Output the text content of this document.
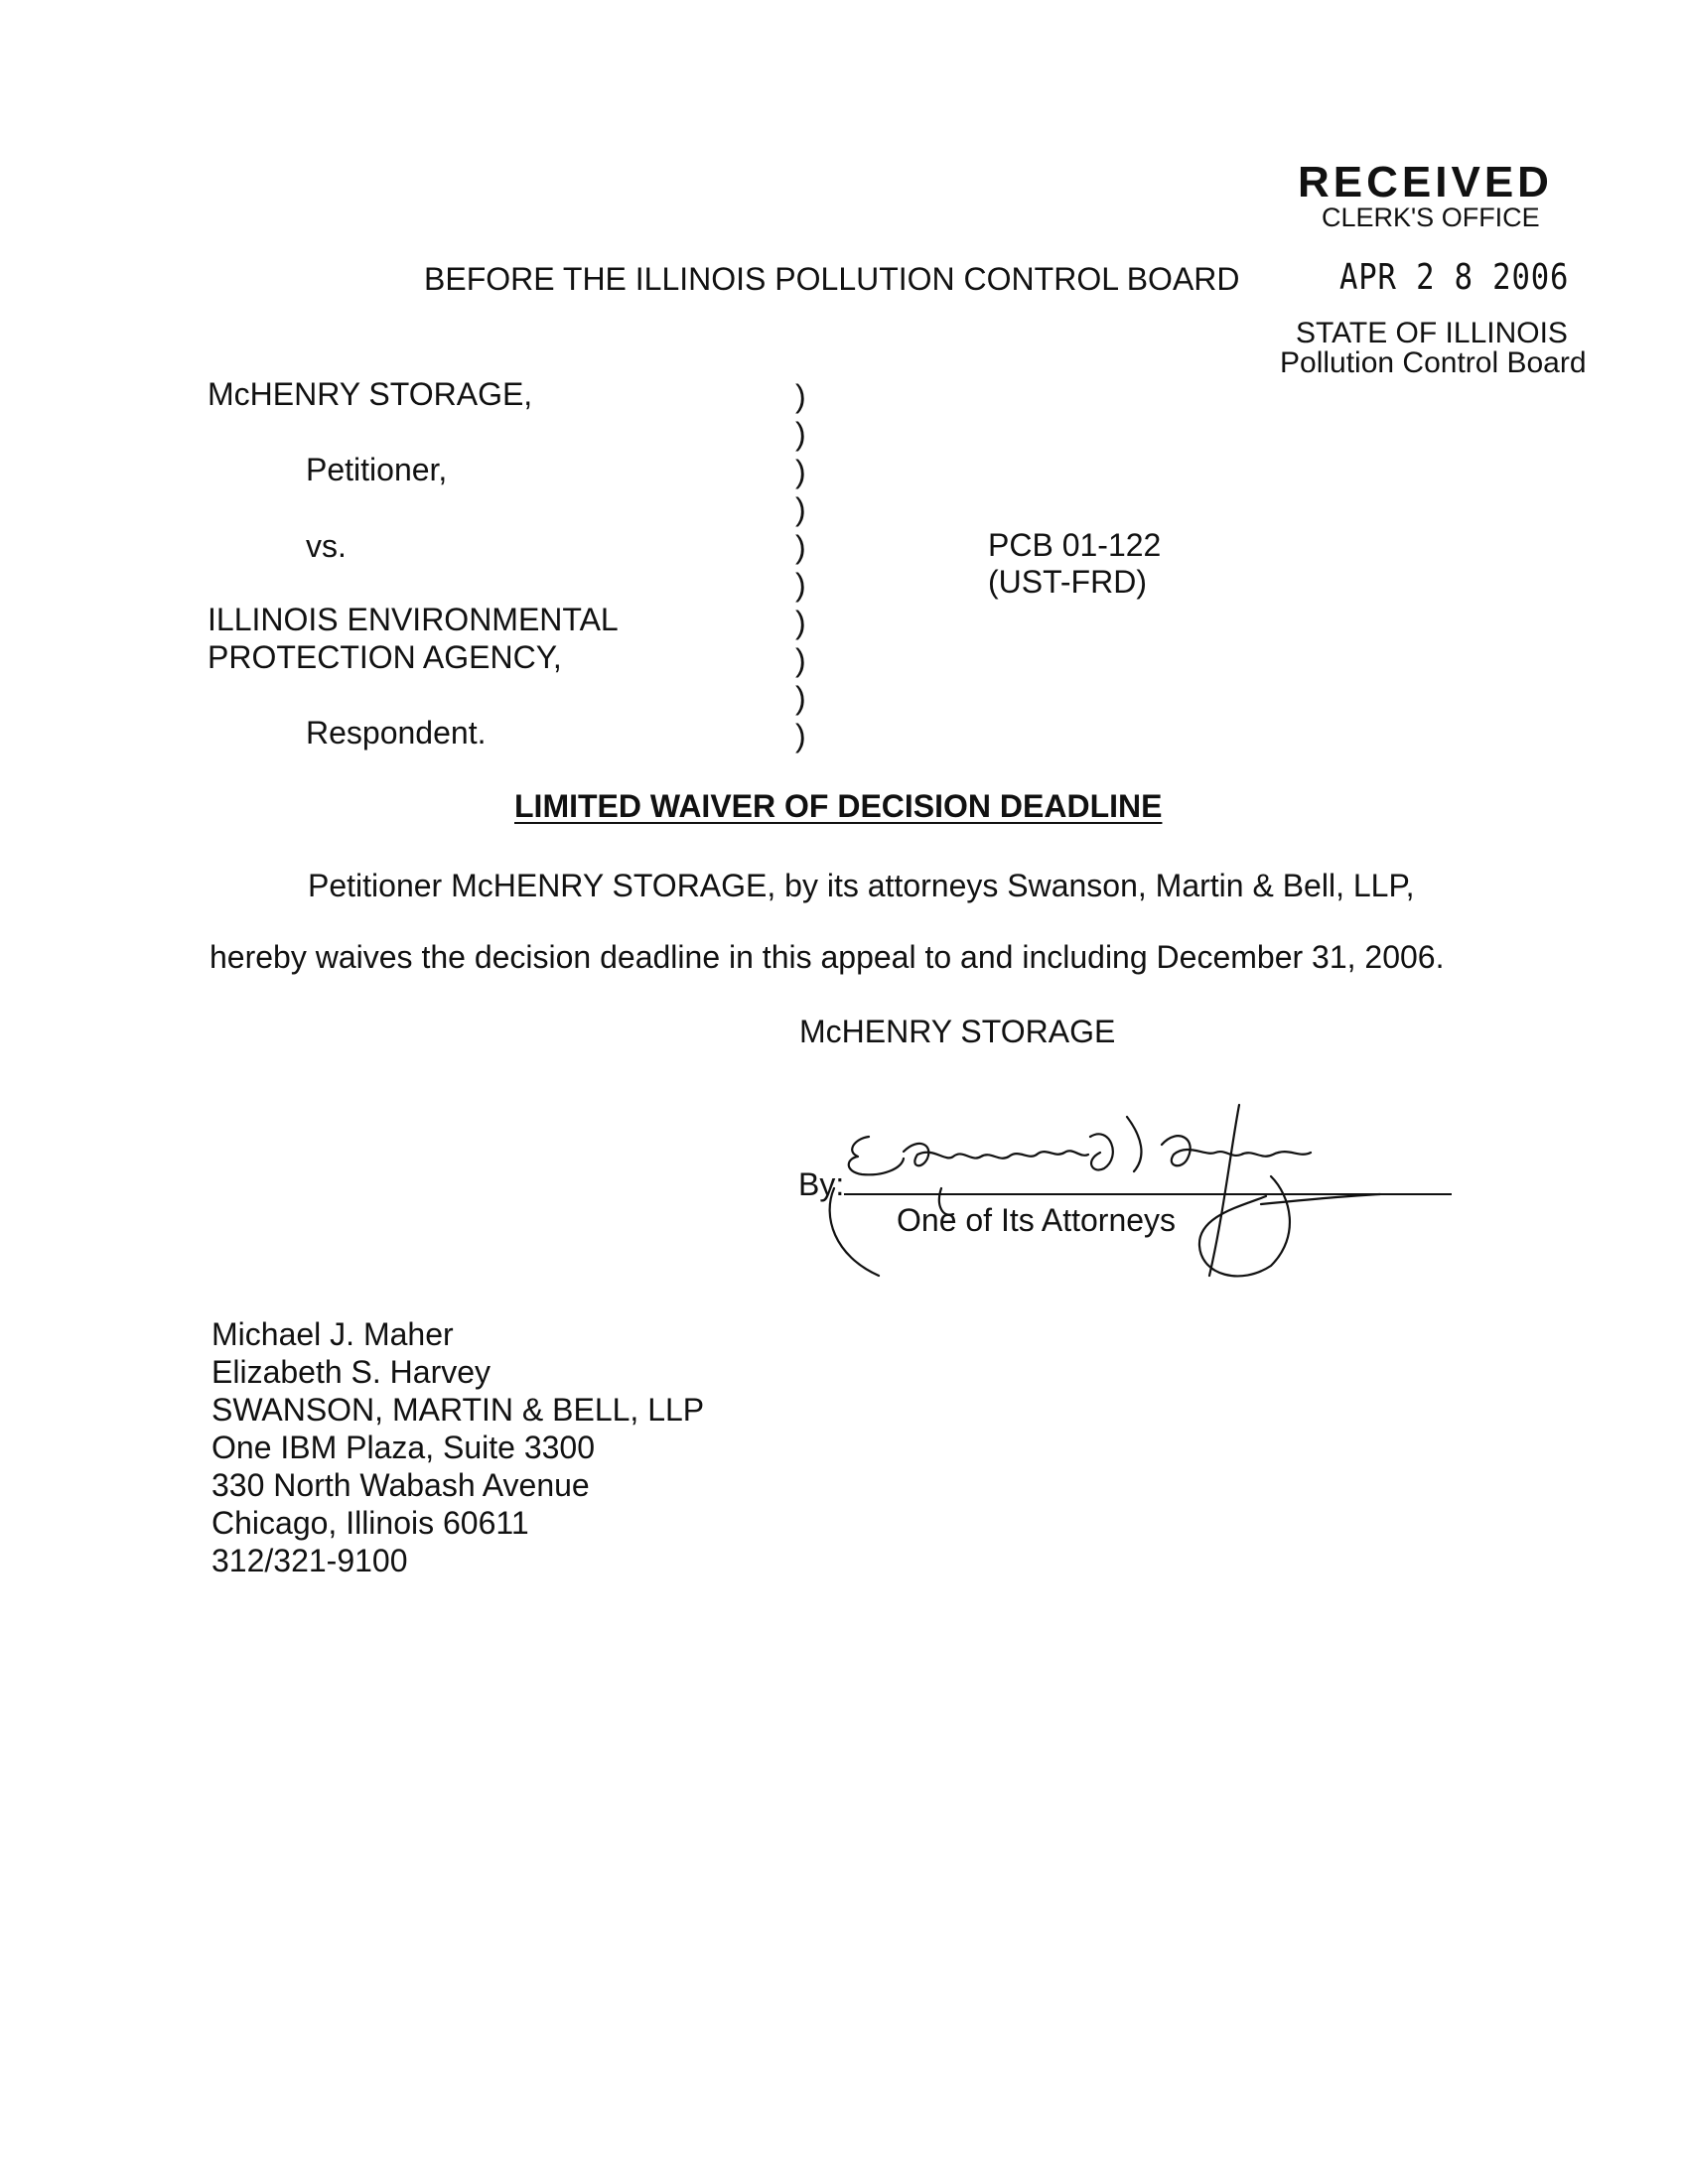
RECEIVED
CLERK'S OFFICE
APR 2 8 2006
STATE OF ILLINOIS
Pollution Control Board
BEFORE THE ILLINOIS POLLUTION CONTROL BOARD
McHENRY STORAGE,
Petitioner,
vs.
ILLINOIS ENVIRONMENTAL
PROTECTION AGENCY,
Respondent.
)
)
)
)
)
)
)
)
)
)
PCB 01-122
(UST-FRD)
LIMITED WAIVER OF DECISION DEADLINE
Petitioner McHENRY STORAGE, by its attorneys Swanson, Martin & Bell, LLP,
hereby waives the decision deadline in this appeal to and including December 31, 2006.
McHENRY STORAGE
By:
One of Its Attorneys
Michael J. Maher
Elizabeth S. Harvey
SWANSON, MARTIN & BELL, LLP
One IBM Plaza, Suite 3300
330 North Wabash Avenue
Chicago, Illinois 60611
312/321-9100
